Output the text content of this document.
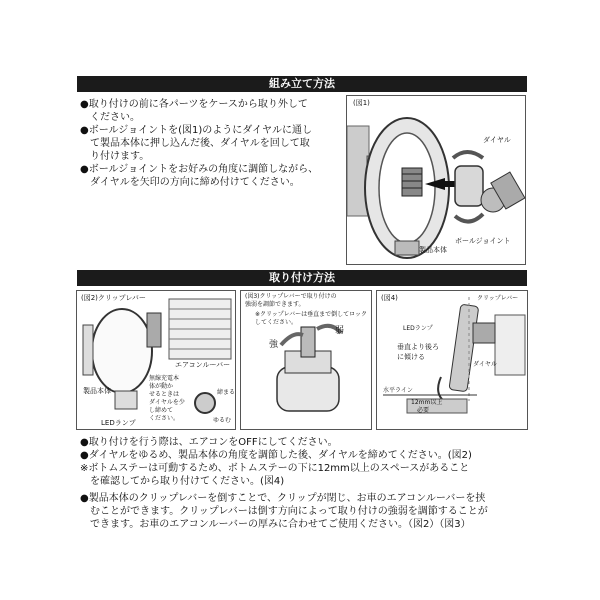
組み立て方法
●取り付けの前に各パーツをケースから取り外して
　ください。
●ボールジョイントを(図1)のようにダイヤルに通し
　て製品本体に押し込んだ後、ダイヤルを回して取
　り付けます。
●ボールジョイントをお好みの角度に調節しながら、
　ダイヤルを矢印の方向に締め付けてください。
(図1)
ダイヤル
製品本体
ボールジョイント
取り付け方法
(図2)クリップレバー
エアコンルーバー
製品本体
LEDランプ
無線充電本
体が動か
せるときは
ダイヤルを少
し締めて
ください。
締まる
ゆるむ
(図3)クリップレバーで取り付けの
強弱を調節できます。
※クリップレバーは垂直まで倒してロック
してください。
強
弱
(図4)	クリップレバー
LEDランプ
垂直より後ろ
に傾ける
ダイヤル
水平ライン
12mm以上
必要
●取り付けを行う際は、エアコンをOFFにしてください。
●ダイヤルをゆるめ、製品本体の角度を調節した後、ダイヤルを締めてください。(図2)
※ボトムステーは可動するため、ボトムステーの下に12mm以上のスペースがあること
　を確認してから取り付けてください。(図4)
●製品本体のクリップレバーを倒すことで、クリップが閉じ、お車のエアコンルーバーを挟
　むことができます。クリップレバーは倒す方向によって取り付けの強弱を調節することが
　できます。お車のエアコンルーバーの厚みに合わせてご使用ください。（図2）（図3）
